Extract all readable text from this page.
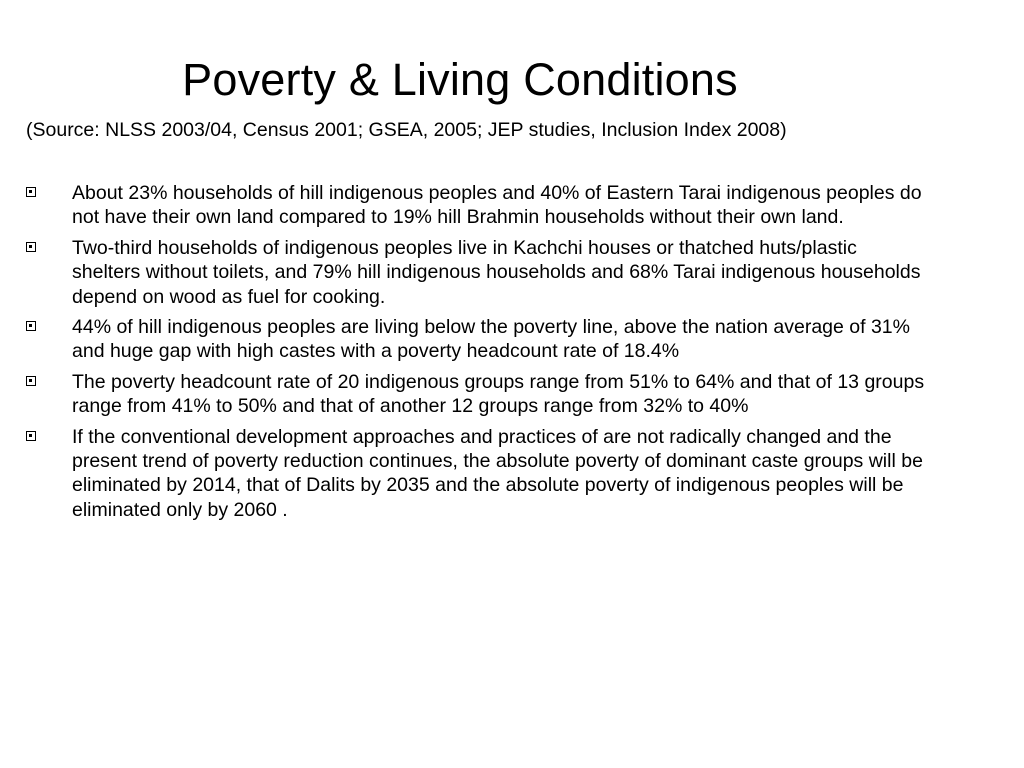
Poverty & Living Conditions
(Source: NLSS 2003/04, Census 2001; GSEA, 2005; JEP studies, Inclusion Index 2008)
About 23% households of hill indigenous peoples and 40% of Eastern Tarai indigenous peoples do not have their own land compared to 19% hill Brahmin households without their own land.
Two-third households of indigenous peoples live in Kachchi houses or thatched huts/plastic shelters without toilets, and 79% hill indigenous households and 68% Tarai indigenous households depend on wood as fuel for cooking.
44% of hill indigenous peoples are living below the poverty line, above the nation average of 31% and huge gap with high castes with a poverty headcount rate of 18.4%
The poverty headcount rate of 20 indigenous groups range from 51% to 64% and that of 13 groups range from 41% to 50% and that of another 12 groups range from 32% to 40%
If the conventional development approaches and practices of are not radically changed and the present trend of poverty reduction continues, the absolute poverty of dominant caste groups will be eliminated by 2014, that of Dalits by 2035 and the absolute poverty of indigenous peoples will be eliminated only by 2060 .
